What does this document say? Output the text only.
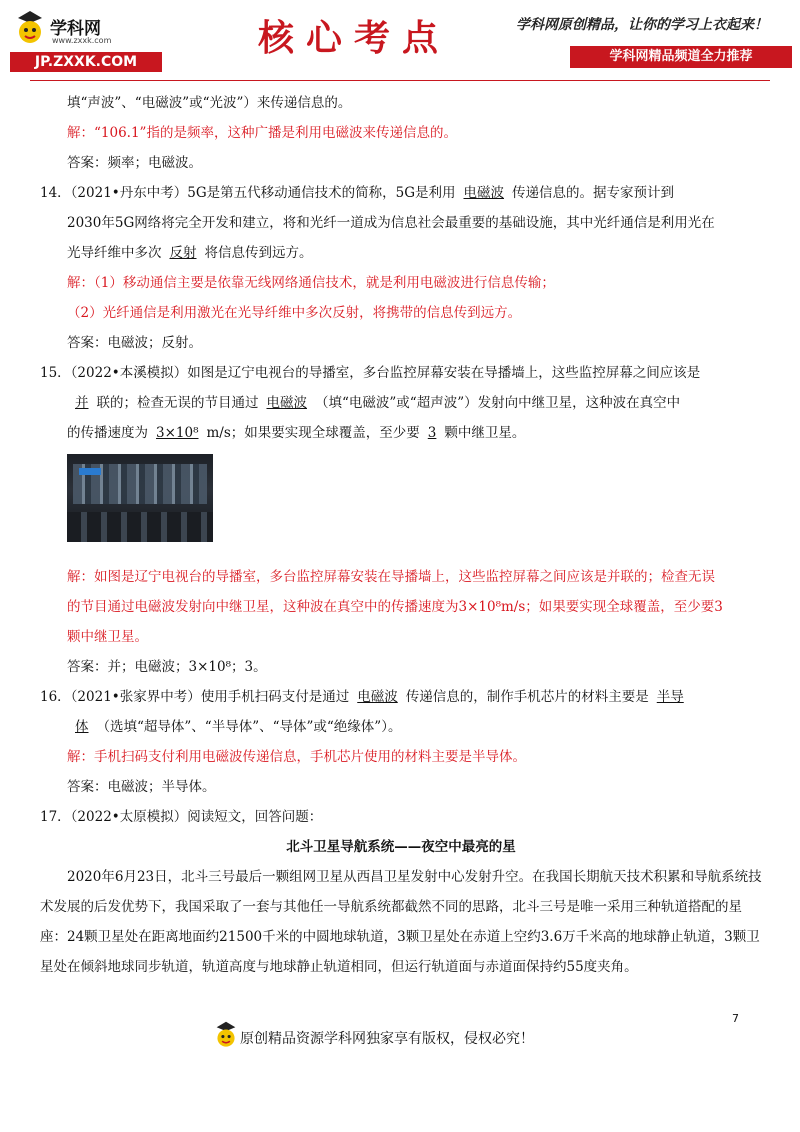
学科网
www.zxxk.com
JP.ZXXK.COM
核心考点	学科网原创精品，让你的学习上衣起来！
学科网精品频道全力推荐
填“声波”、“电磁波”或“光波”）来传递信息的。
解：“106.1”指的是频率，这种广播是利用电磁波来传递信息的。
答案：频率；电磁波。
14．（2021•丹东中考）5G是第五代移动通信技术的简称，5G是利用 电磁波 传递信息的。据专家预计到
2030年5G网络将完全开发和建立，将和光纤一道成为信息社会最重要的基础设施，其中光纤通信是利用光在
光导纤维中多次 反射 将信息传到远方。
解：（1）移动通信主要是依靠无线网络通信技术，就是利用电磁波进行信息传输；
（2）光纤通信是利用激光在光导纤维中多次反射，将携带的信息传到远方。
答案：电磁波；反射。
15．（2022•本溪模拟）如图是辽宁电视台的导播室，多台监控屏幕安装在导播墙上，这些监控屏幕之间应该是
并 联的；检查无误的节目通过 电磁波 （填“电磁波”或“超声波”）发射向中继卫星，这种波在真空中
的传播速度为 3×10⁸ m/s；如果要实现全球覆盖，至少要 3 颗中继卫星。
解：如图是辽宁电视台的导播室，多台监控屏幕安装在导播墙上，这些监控屏幕之间应该是并联的；检查无误
的节目通过电磁波发射向中继卫星，这种波在真空中的传播速度为3×10⁸m/s；如果要实现全球覆盖，至少要3
颗中继卫星。
答案：并；电磁波；3×10⁸；3。
16．（2021•张家界中考）使用手机扫码支付是通过 电磁波 传递信息的，制作手机芯片的材料主要是 半导
体 （选填“超导体”、“半导体”、“导体”或“绝缘体”）。
解：手机扫码支付利用电磁波传递信息，手机芯片使用的材料主要是半导体。
答案：电磁波；半导体。
17．（2022•太原模拟）阅读短文，回答问题：
北斗卫星导航系统——夜空中最亮的星
2020年6月23日，北斗三号最后一颗组网卫星从西昌卫星发射中心发射升空。在我国长期航天技术积累和导航系统技术发展的后发优势下，我国采取了一套与其他任一导航系统都截然不同的思路，北斗三号是唯一采用三种轨道搭配的星座：24颗卫星处在距离地面约21500千米的中圆地球轨道，3颗卫星处在赤道上空约3.6万千米高的地球静止轨道，3颗卫星处在倾斜地球同步轨道，轨道高度与地球静止轨道相同，但运行轨道面与赤道面保持约55度夹角。
7
原创精品资源学科网独家享有版权，侵权必究！
